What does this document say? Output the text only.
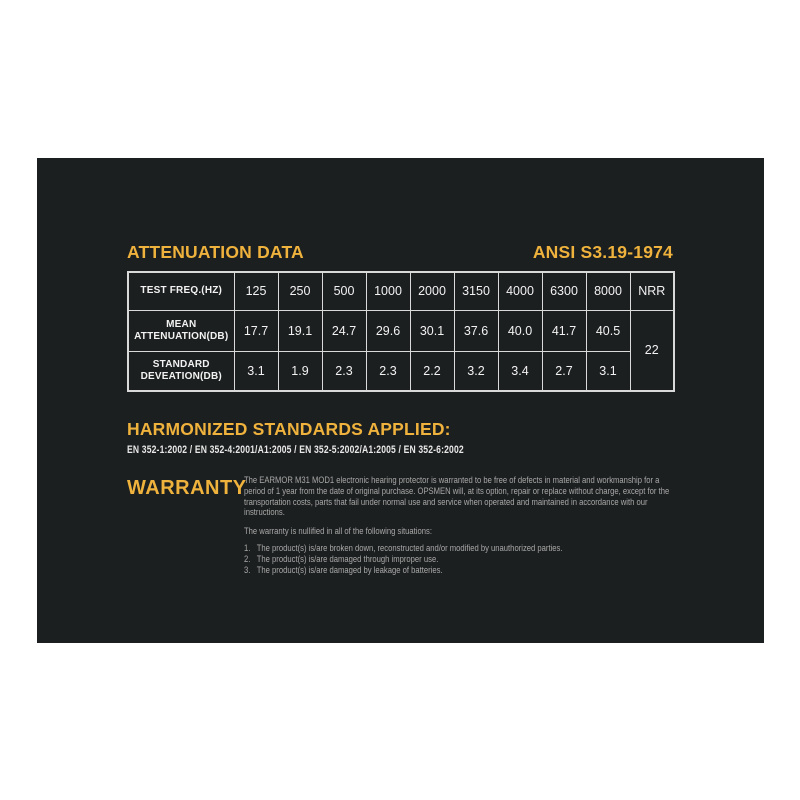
ATTENUATION DATA	ANSI S3.19-1974
TEST FREQ.(HZ)	125	250	500	1000	2000	3150	4000	6300	8000	NRR
MEAN ATTENUATION(DB)	17.7	19.1	24.7	29.6	30.1	37.6	40.0	41.7	40.5	22
STANDARD DEVEATION(DB)	3.1	1.9	2.3	2.3	2.2	3.2	3.4	2.7	3.1	
HARMONIZED STANDARDS APPLIED:
EN 352-1:2002 / EN 352-4:2001/A1:2005 / EN 352-5:2002/A1:2005 / EN 352-6:2002
WARRANTY

The EARMOR M31 MOD1 electronic hearing protector is warranted to be free of defects in material and workmanship for a period of 1 year from the date of original purchase. OPSMEN will, at its option, repair or replace without charge, except for the transportation costs, parts that fail under normal use and service when operated and maintained in accordance with our instructions.

The warranty is nullified in all of the following situations:

1. The product(s) is/are broken down, reconstructed and/or modified by unauthorized parties.
2. The product(s) is/are damaged through improper use.
3. The product(s) is/are damaged by leakage of batteries.
